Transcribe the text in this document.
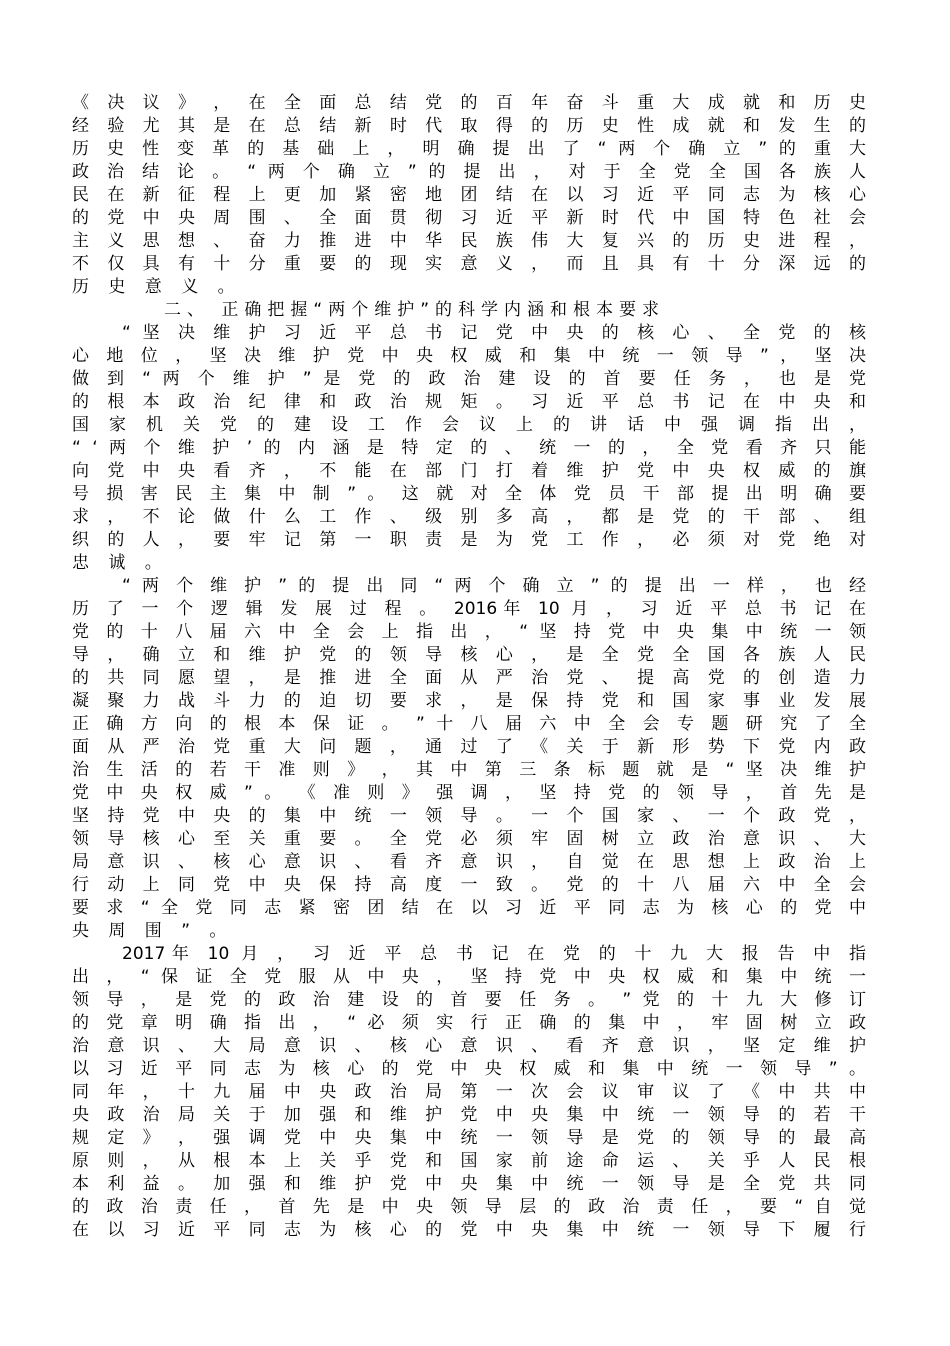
《 决 议 》 ， 在 全 面 总 结 党 的 百 年 奋 斗 重 大 成 就 和 历 史
经 验 尤 其 是 在 总 结 新 时 代 取 得 的 历 史 性 成 就 和 发 生 的
历 史 性 变 革 的 基 础 上 ， 明 确 提 出 了 “ 两 个 确 立 ” 的 重 大
政 治 结 论 。 “ 两 个 确 立 ” 的 提 出 ， 对 于 全 党 全 国 各 族 人
民 在 新 征 程 上 更 加 紧 密 地 团 结 在 以 习 近 平 同 志 为 核 心
的 党 中 央 周 围 、 全 面 贯 彻 习 近 平 新 时 代 中 国 特 色 社 会
主 义 思 想 、 奋 力 推 进 中 华 民 族 伟 大 复 兴 的 历 史 进 程 ，
不 仅 具 有 十 分 重 要 的 现 实 意 义 ， 而 且 具 有 十 分 深 远 的
历 史 意 义 。
二、 正确把握“两个维护”的科学内涵和根本要求
“ 坚 决 维 护 习 近 平 总 书 记 党 中 央 的 核 心 、 全 党 的 核
心 地 位 ， 坚 决 维 护 党 中 央 权 威 和 集 中 统 一 领 导 ” ， 坚 决
做 到 “ 两 个 维 护 ” 是 党 的 政 治 建 设 的 首 要 任 务 ， 也 是 党
的 根 本 政 治 纪 律 和 政 治 规 矩 。 习 近 平 总 书 记 在 中 央 和
国 家 机 关 党 的 建 设 工 作 会 议 上 的 讲 话 中 强 调 指 出 ，
“ ‘ 两 个 维 护 ’ 的 内 涵 是 特 定 的 、 统 一 的 ， 全 党 看 齐 只 能
向 党 中 央 看 齐 ， 不 能 在 部 门 打 着 维 护 党 中 央 权 威 的 旗
号 损 害 民 主 集 中 制 ” 。 这 就 对 全 体 党 员 干 部 提 出 明 确 要
求 ， 不 论 做 什 么 工 作 、 级 别 多 高 ， 都 是 党 的 干 部 、 组
织 的 人 ， 要 牢 记 第 一 职 责 是 为 党 工 作 ， 必 须 对 党 绝 对
忠 诚 。
“ 两 个 维 护 ” 的 提 出 同 “ 两 个 确 立 ” 的 提 出 一 样 ， 也 经
历 了 一 个 逻 辑 发 展 过 程 。 2016年 10 月 ， 习 近 平 总 书 记 在
党 的 十 八 届 六 中 全 会 上 指 出 ， “ 坚 持 党 中 央 集 中 统 一 领
导 ， 确 立 和 维 护 党 的 领 导 核 心 ， 是 全 党 全 国 各 族 人 民
的 共 同 愿 望 ， 是 推 进 全 面 从 严 治 党 、 提 高 党 的 创 造 力
凝 聚 力 战 斗 力 的 迫 切 要 求 ， 是 保 持 党 和 国 家 事 业 发 展
正 确 方 向 的 根 本 保 证 。 ” 十 八 届 六 中 全 会 专 题 研 究 了 全
面 从 严 治 党 重 大 问 题 ， 通 过 了 《 关 于 新 形 势 下 党 内 政
治 生 活 的 若 干 准 则 》 ， 其 中 第 三 条 标 题 就 是 “ 坚 决 维 护
党 中 央 权 威 ” 。 《 准 则 》 强 调 ， 坚 持 党 的 领 导 ， 首 先 是
坚 持 党 中 央 的 集 中 统 一 领 导 。 一 个 国 家 、 一 个 政 党 ，
领 导 核 心 至 关 重 要 。 全 党 必 须 牢 固 树 立 政 治 意 识 、 大
局 意 识 、 核 心 意 识 、 看 齐 意 识 ， 自 觉 在 思 想 上 政 治 上
行 动 上 同 党 中 央 保 持 高 度 一 致 。 党 的 十 八 届 六 中 全 会
要 求 “ 全 党 同 志 紧 密 团 结 在 以 习 近 平 同 志 为 核 心 的 党 中
央 周 围 ” 。
2017年 10 月 ， 习 近 平 总 书 记 在 党 的 十 九 大 报 告 中 指
出 ， “ 保 证 全 党 服 从 中 央 ， 坚 持 党 中 央 权 威 和 集 中 统 一
领 导 ， 是 党 的 政 治 建 设 的 首 要 任 务 。 ” 党 的 十 九 大 修 订
的 党 章 明 确 指 出 ， “ 必 须 实 行 正 确 的 集 中 ， 牢 固 树 立 政
治 意 识 、 大 局 意 识 、 核 心 意 识 、 看 齐 意 识 ， 坚 定 维 护
以 习 近 平 同 志 为 核 心 的 党 中 央 权 威 和 集 中 统 一 领 导 ” 。
同 年 ， 十 九 届 中 央 政 治 局 第 一 次 会 议 审 议 了 《 中 共 中
央 政 治 局 关 于 加 强 和 维 护 党 中 央 集 中 统 一 领 导 的 若 干
规 定 》 ， 强 调 党 中 央 集 中 统 一 领 导 是 党 的 领 导 的 最 高
原 则 ， 从 根 本 上 关 乎 党 和 国 家 前 途 命 运 、 关 乎 人 民 根
本 利 益 。 加 强 和 维 护 党 中 央 集 中 统 一 领 导 是 全 党 共 同
的 政 治 责 任 ， 首 先 是 中 央 领 导 层 的 政 治 责 任 ， 要 “ 自 觉
在 以 习 近 平 同 志 为 核 心 的 党 中 央 集 中 统 一 领 导 下 履 行
